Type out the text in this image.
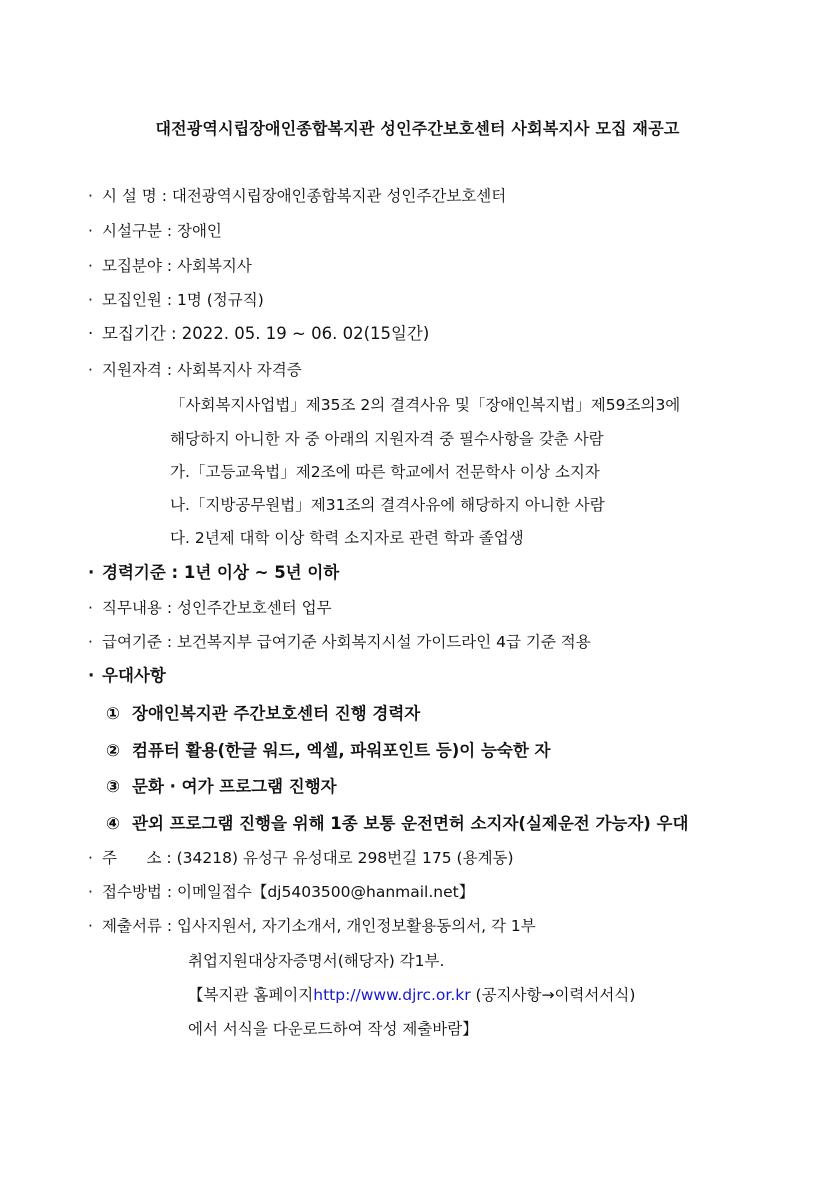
대전광역시립장애인종합복지관 성인주간보호센터 사회복지사 모집 재공고
· 시 설 명 : 대전광역시립장애인종합복지관 성인주간보호센터
· 시설구분 : 장애인
· 모집분야 : 사회복지사
· 모집인원 : 1명 (정규직)
· 모집기간 : 2022. 05. 19 ~ 06. 02(15일간)
· 지원자격 : 사회복지사 자격증
「사회복지사업법」제35조 2의 결격사유 및「장애인복지법」제59조의3에
해당하지 아니한 자 중 아래의 지원자격 중 필수사항을 갖춘 사람
가.「고등교육법」제2조에 따른 학교에서 전문학사 이상 소지자
나.「지방공무원법」제31조의 결격사유에 해당하지 아니한 사람
다. 2년제 대학 이상 학력 소지자로 관련 학과 졸업생
· 경력기준 : 1년 이상 ~ 5년 이하
· 직무내용 : 성인주간보호센터 업무
· 급여기준 : 보건복지부 급여기준 사회복지시설 가이드라인 4급 기준 적용
· 우대사항
① 장애인복지관 주간보호센터 진행 경력자
② 컴퓨터 활용(한글 워드, 엑셀, 파워포인트 등)이 능숙한 자
③ 문화 · 여가 프로그램 진행자
④ 관외 프로그램 진행을 위해 1종 보통 운전면허 소지자(실제운전 가능자) 우대
· 주      소 : (34218) 유성구 유성대로 298번길 175 (용계동)
· 접수방법 : 이메일접수【dj5403500@hanmail.net】
· 제출서류 : 입사지원서, 자기소개서, 개인정보활용동의서, 각 1부
취업지원대상자증명서(해당자) 각1부.
【복지관 홈페이지http://www.djrc.or.kr (공지사항→이력서서식)
에서 서식을 다운로드하여 작성 제출바람】
